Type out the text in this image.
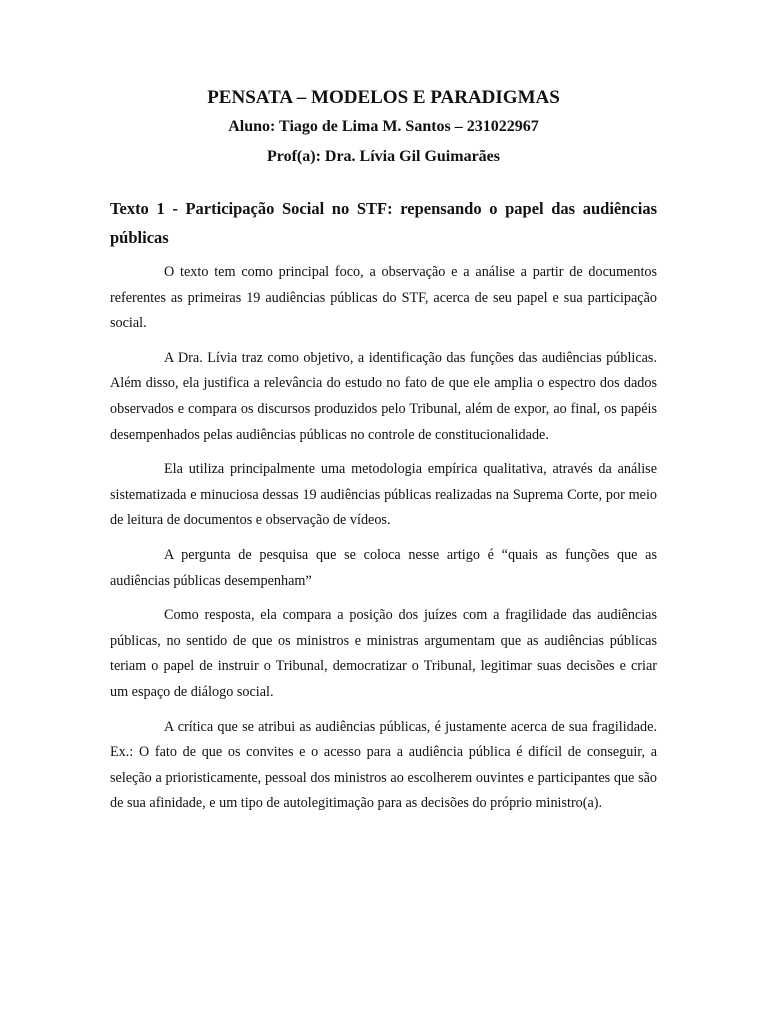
PENSATA – MODELOS E PARADIGMAS

Aluno: Tiago de Lima M. Santos – 231022967

Prof(a): Dra. Lívia Gil Guimarães

Texto 1 - Participação Social no STF: repensando o papel das audiências públicas

O texto tem como principal foco, a observação e a análise a partir de documentos referentes as primeiras 19 audiências públicas do STF, acerca de seu papel e sua participação social.

A Dra. Lívia traz como objetivo, a identificação das funções das audiências públicas. Além disso, ela justifica a relevância do estudo no fato de que ele amplia o espectro dos dados observados e compara os discursos produzidos pelo Tribunal, além de expor, ao final, os papéis desempenhados pelas audiências públicas no controle de constitucionalidade.

Ela utiliza principalmente uma metodologia empírica qualitativa, através da análise sistematizada e minuciosa dessas 19 audiências públicas realizadas na Suprema Corte, por meio de leitura de documentos e observação de vídeos.

A pergunta de pesquisa que se coloca nesse artigo é “quais as funções que as audiências públicas desempenham”

Como resposta, ela compara a posição dos juízes com a fragilidade das audiências públicas, no sentido de que os ministros e ministras argumentam que as audiências públicas teriam o papel de instruir o Tribunal, democratizar o Tribunal, legitimar suas decisões e criar um espaço de diálogo social.

A crítica que se atribui as audiências públicas, é justamente acerca de sua fragilidade. Ex.: O fato de que os convites e o acesso para a audiência pública é difícil de conseguir, a seleção a prioristicamente, pessoal dos ministros ao escolherem ouvintes e participantes que são de sua afinidade, e um tipo de autolegitimação para as decisões do próprio ministro(a).
